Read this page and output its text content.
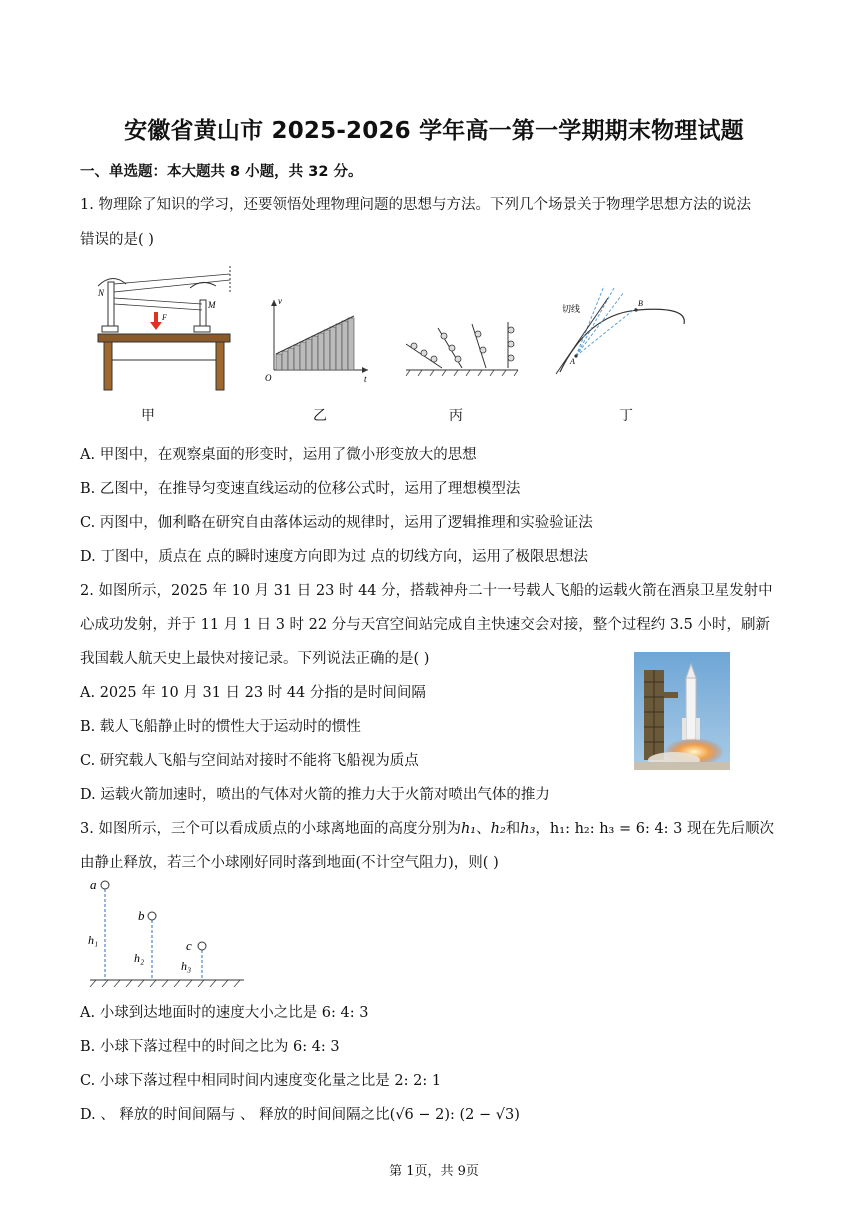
安徽省黄山市 2025-2026 学年高一第一学期期末物理试题
一、单选题：本大题共 8 小题，共 32 分。
1. 物理除了知识的学习，还要领悟处理物理问题的思想与方法。下列几个场景关于物理学思想方法的说法
错误的是( )
N
M
F
v
O	t
切线
A
B
甲	乙	丙	丁
A. 甲图中，在观察桌面的形变时，运用了微小形变放大的思想
B. 乙图中，在推导匀变速直线运动的位移公式时，运用了理想模型法
C. 丙图中，伽利略在研究自由落体运动的规律时，运用了逻辑推理和实验验证法
D. 丁图中，质点在 点的瞬时速度方向即为过 点的切线方向，运用了极限思想法
2. 如图所示，2025 年 10 月 31 日 23 时 44 分，搭载神舟二十一号载人飞船的运载火箭在酒泉卫星发射中
心成功发射，并于 11 月 1 日 3 时 22 分与天宫空间站完成自主快速交会对接，整个过程约 3.5 小时，刷新
我国载人航天史上最快对接记录。下列说法正确的是( )
A. 2025 年 10 月 31 日 23 时 44 分指的是时间间隔
B. 载人飞船静止时的惯性大于运动时的惯性
C. 研究载人飞船与空间站对接时不能将飞船视为质点
D. 运载火箭加速时，喷出的气体对火箭的推力大于火箭对喷出气体的推力
3. 如图所示，三个可以看成质点的小球离地面的高度分别为h₁、h₂和h₃，h₁: h₂: h₃ = 6: 4: 3 现在先后顺次
由静止释放，若三个小球刚好同时落到地面(不计空气阻力)，则( )
a
b
c
h₁
h₂
h₃
A. 小球到达地面时的速度大小之比是 6: 4: 3
B. 小球下落过程中的时间之比为 6: 4: 3
C. 小球下落过程中相同时间内速度变化量之比是 2: 2: 1
D. 、 释放的时间间隔与 、 释放的时间间隔之比(√6 − 2): (2 − √3)
第 1页，共 9页
